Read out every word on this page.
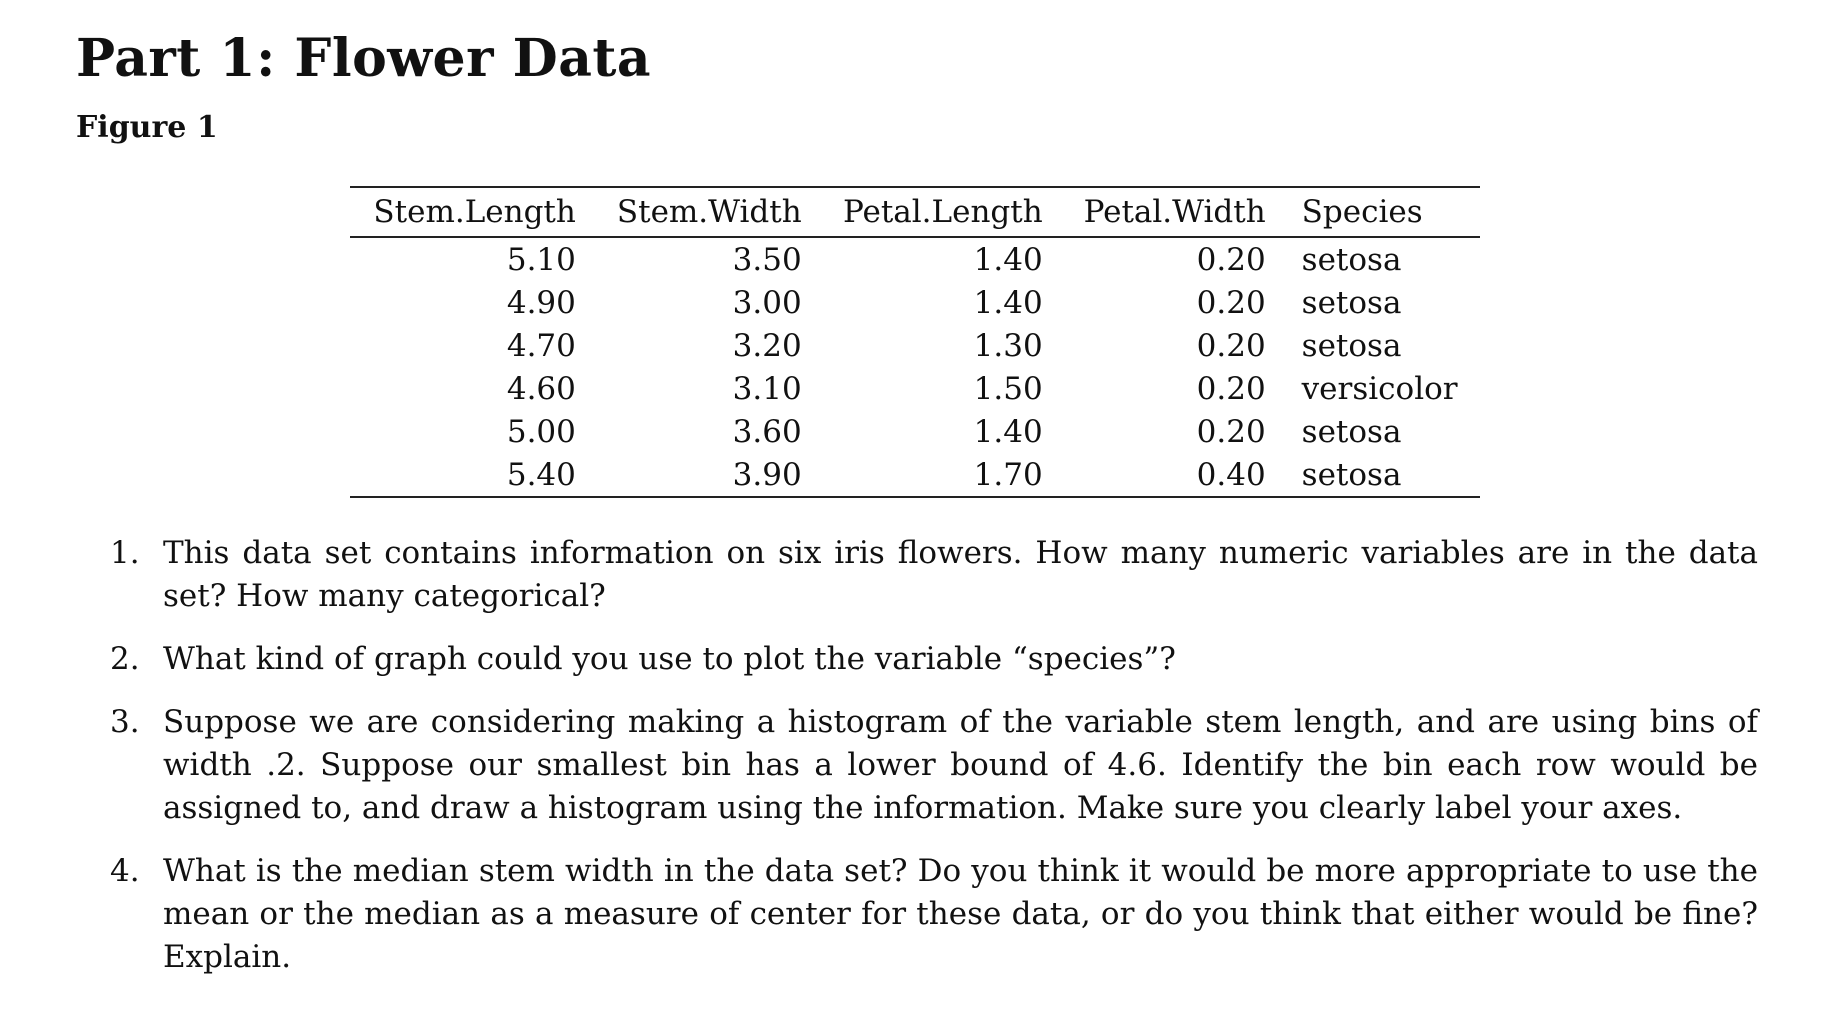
Part 1: Flower Data
Figure 1
Stem.Length	Stem.Width	Petal.Length	Petal.Width	Species
5.10	3.50	1.40	0.20	setosa
4.90	3.00	1.40	0.20	setosa
4.70	3.20	1.30	0.20	setosa
4.60	3.10	1.50	0.20	versicolor
5.00	3.60	1.40	0.20	setosa
5.40	3.90	1.70	0.40	setosa
1. This data set contains information on six iris flowers. How many numeric variables are in the data set? How many categorical?
2. What kind of graph could you use to plot the variable “species”?
3. Suppose we are considering making a histogram of the variable stem length, and are using bins of width .2. Suppose our smallest bin has a lower bound of 4.6. Identify the bin each row would be assigned to, and draw a histogram using the information. Make sure you clearly label your axes.
4. What is the median stem width in the data set? Do you think it would be more appropriate to use the mean or the median as a measure of center for these data, or do you think that either would be fine? Explain.
